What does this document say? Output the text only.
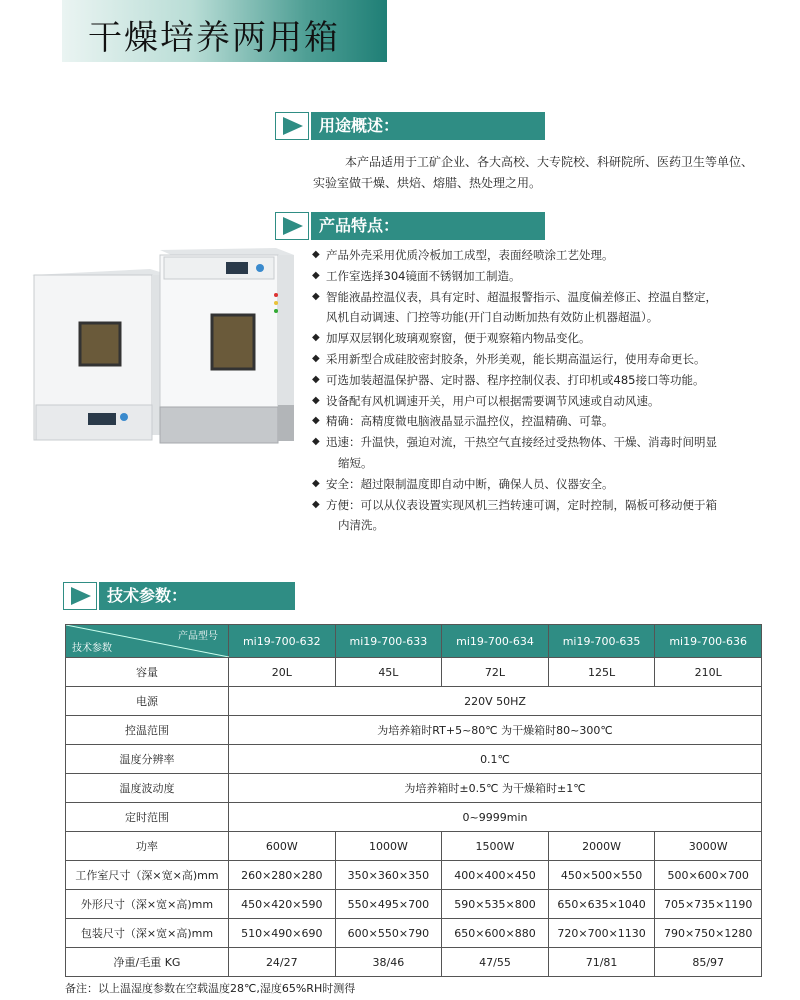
干燥培养两用箱
用途概述：
本产品适用于工矿企业、各大高校、大专院校、科研院所、医药卫生等单位、
实验室做干燥、烘焙、熔腊、热处理之用。
产品特点：
◆ 产品外壳采用优质冷板加工成型，表面经喷涂工艺处理。
◆ 工作室选择304镜面不锈钢加工制造。
◆ 智能液晶控温仪表，具有定时、超温报警指示、温度偏差修正、控温自整定，
风机自动调速、门控等功能(开门自动断加热有效防止机器超温）。
◆ 加厚双层钢化玻璃观察窗，便于观察箱内物品变化。
◆ 采用新型合成硅胶密封胶条，外形美观，能长期高温运行，使用寿命更长。
◆ 可选加装超温保护器、定时器、程序控制仪表、打印机或485接口等功能。
◆ 设备配有风机调速开关，用户可以根据需要调节风速或自动风速。
◆ 精确：高精度微电脑液晶显示温控仪，控温精确、可靠。
◆ 迅速：升温快，强迫对流，干热空气直接经过受热物体、干燥、消毒时间明显
缩短。
◆ 安全：超过限制温度即自动中断，确保人员、仪器安全。
◆ 方便：可以从仪表设置实现风机三挡转速可调，定时控制，隔板可移动便于箱
内清洗。
技术参数：
产品型号
技术参数	mi19-700-632	mi19-700-633	mi19-700-634	mi19-700-635	mi19-700-636
容量	20L	45L	72L	125L	210L
电源	220V 50HZ				
控温范围	为培养箱时RT+5~80℃ 为干燥箱时80~300℃				
温度分辨率	0.1℃				
温度波动度	为培养箱时±0.5℃ 为干燥箱时±1℃				
定时范围	0~9999min				
功率	600W	1000W	1500W	2000W	3000W
工作室尺寸（深×宽×高)mm	260×280×280	350×360×350	400×400×450	450×500×550	500×600×700
外形尺寸（深×宽×高)mm	450×420×590	550×495×700	590×535×800	650×635×1040	705×735×1190
包装尺寸（深×宽×高)mm	510×490×690	600×550×790	650×600×880	720×700×1130	790×750×1280
净重/毛重 KG	24/27	38/46	47/55	71/81	85/97
备注：以上温湿度参数在空载温度28℃,湿度65%RH时测得
